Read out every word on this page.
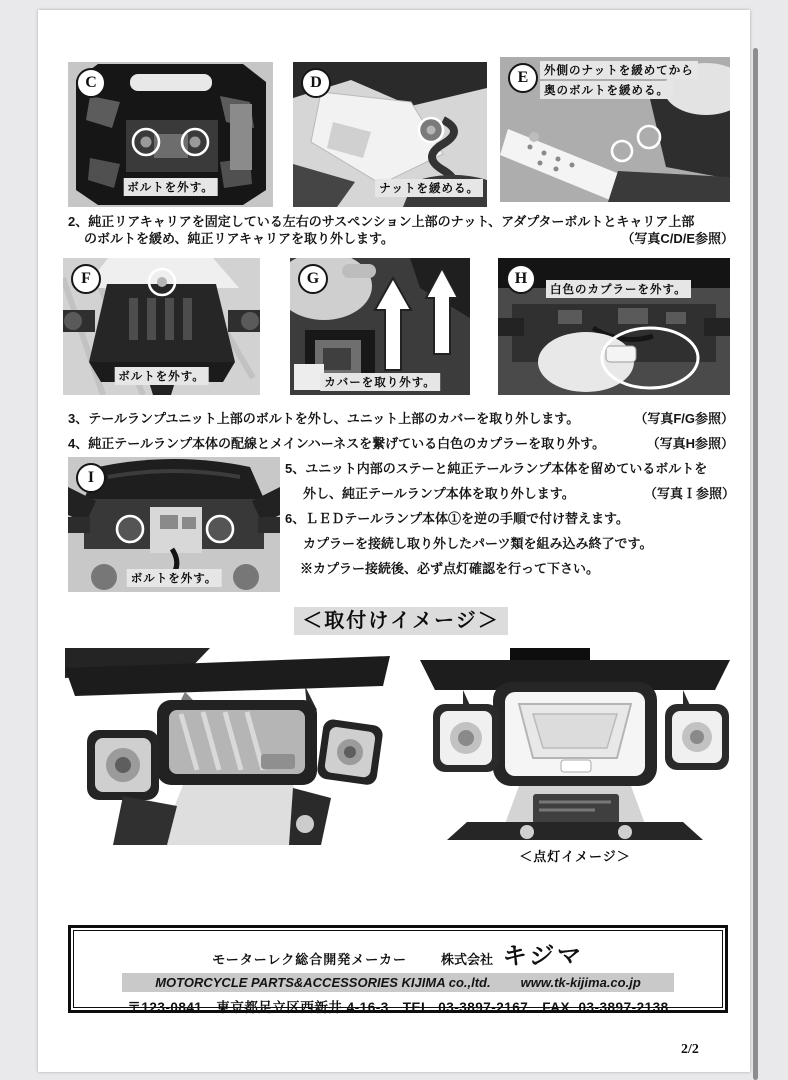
C
ボルトを外す。
D
ナットを緩める。
E	外側のナットを緩めてから
奥のボルトを緩める。
2、純正リアキャリアを固定している左右のサスペンション上部のナット、アダプターボルトとキャリア上部
のボルトを緩め、純正リアキャリアを取り外します。	（写真C/D/E参照）
F
ボルトを外す。
G
カバーを取り外す。
H
白色のカプラーを外す。
3、テールランプユニット上部のボルトを外し、ユニット上部のカバーを取り外します。	（写真F/G参照）
4、純正テールランプ本体の配線とメインハーネスを繋げている白色のカプラーを取り外す。	（写真H参照）
I
ボルトを外す。
5、ユニット内部のステーと純正テールランプ本体を留めているボルトを
外し、純正テールランプ本体を取り外します。	（写真Ｉ参照）
6、ＬＥＤテールランプ本体①を逆の手順で付け替えます。
カプラーを接続し取り外したパーツ類を組み込み終了です。
※カプラー接続後、必ず点灯確認を行って下さい。
＜取付けイメージ＞
＜点灯イメージ＞
モーターレク総合開発メーカー	株式会社 キジマ
MOTORCYCLE PARTS&ACCESSORIES KIJIMA co.,ltd. www.tk-kijima.co.jp
〒123-0841　東京都足立区西新井 4-16-3　TEL. 03-3897-2167　FAX. 03-3897-2138
2/2
